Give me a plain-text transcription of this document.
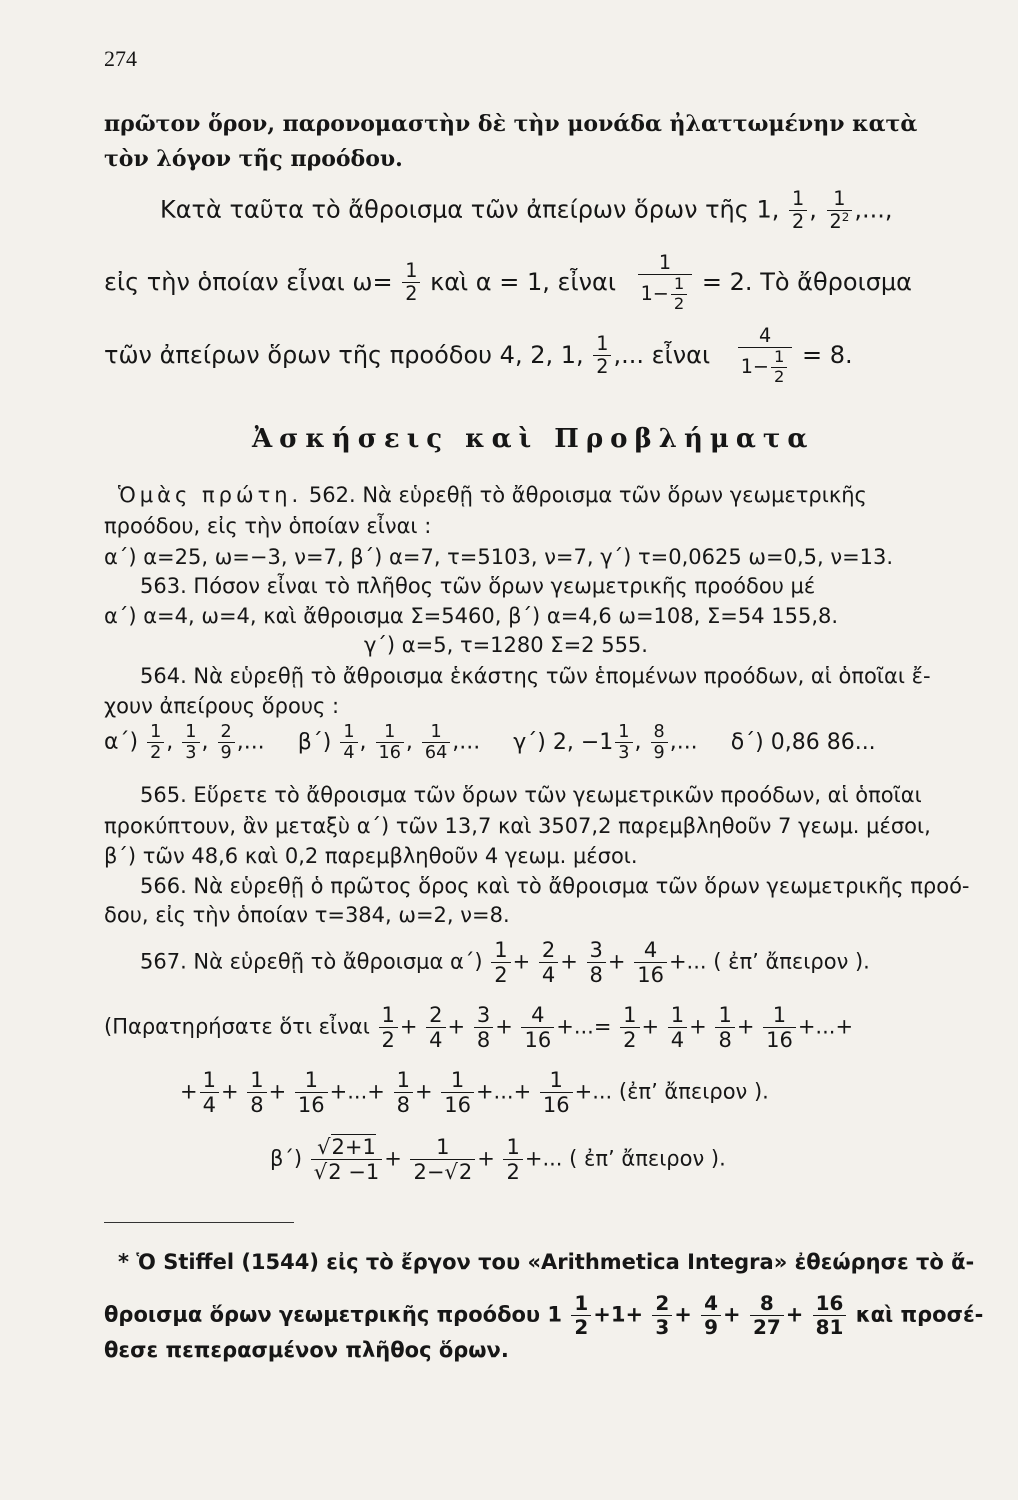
274
πρῶτον ὅρον, παρονομαστὴν δὲ τὴν μονάδα ἠλαττωμένην κατὰ
τὸν λόγον τῆς προόδου.
Κατὰ ταῦτα τὸ ἄθροισμα τῶν ἀπείρων ὅρων τῆς 1, $\frac{1}{2}$ , $\frac{1}{2^2}$ ,...,
εἰς τὴν ὁποίαν εἶναι $\omega= \frac{1}{2}$ καὶ α = 1, εἶναι $\frac{1}{1- \frac{1}{2}} = 2$. Τὸ ἄθροισμα
τῶν ἀπείρων ὅρων τῆς προόδου 4, 2, 1, $\frac{1}{2}$ ,... εἶναι $\frac{4}{1- \frac{1}{2}} = 8$.
Ἀσκήσεις καὶ Προβλήματα
Ὁμὰς πρώτη. 562. Νὰ εὑρεθῇ τὸ ἄθροισμα τῶν ὅρων γεωμετρικῆς
προόδου, εἰς τὴν ὁποίαν εἶναι :
α΄) α=25, ω=−3, ν=7, β΄) α=7, τ=5103, ν=7, γ΄) τ=0,0625 ω=0,5, ν=13.
563. Πόσον εἶναι τὸ πλῆθος τῶν ὅρων γεωμετρικῆς προόδου μέ
α΄) α=4, ω=4, καὶ ἄθροισμα Σ=5460, β΄) α=4,6 ω=108, Σ=54 155,8.
γ΄) α=5, τ=1280 Σ=2 555.
564. Νὰ εὑρεθῇ τὸ ἄθροισμα ἑκάστης τῶν ἑπομένων προόδων, αἱ ὁποῖαι ἔ-
χουν ἀπείρους ὅρους :
$\alpha΄) \frac{1}{2}$ , $\frac{1}{3}$ , $\frac{2}{9}$ ,... $\beta΄) \frac{1}{4}$ , $\frac{1}{16}$ , $\frac{1}{64}$ ,... γ΄) 2, $-1 \frac{1}{3}$ , $\frac{8}{9}$ ,... δ΄) 0,86 86...
565. Εὕρετε τὸ ἄθροισμα τῶν ὅρων τῶν γεωμετρικῶν προόδων, αἱ ὁποῖαι
προκύπτουν, ἂν μεταξὺ α΄) τῶν 13,7 καὶ 3507,2 παρεμβληθοῦν 7 γεωμ. μέσοι,
β΄) τῶν 48,6 καὶ 0,2 παρεμβληθοῦν 4 γεωμ. μέσοι.
566. Νὰ εὑρεθῇ ὁ πρῶτος ὅρος καὶ τὸ ἄθροισμα τῶν ὅρων γεωμετρικῆς προό-
δου, εἰς τὴν ὁποίαν τ=384, ω=2, ν=8.
567. Νὰ εὑρεθῇ τὸ ἄθροισμα $\alpha΄) \frac{1}{2} + \frac{2}{4} + \frac{3}{8} + \frac{4}{16}$ +... ( ἐπ’ ἄπειρον ).
(Παρατηρήσατε ὅτι εἶναι $\frac{1}{2} + \frac{2}{4} + \frac{3}{8} + \frac{4}{16}$ +...= $\frac{1}{2} + \frac{1}{4} + \frac{1}{8} + \frac{1}{16}$ +...+
+ $\frac{1}{4} + \frac{1}{8} + \frac{1}{16}$ +...+ $\frac{1}{8} + \frac{1}{16}$ +...+ $\frac{1}{16}$ +... (ἐπ’ ἄπειρον ).
$\beta΄) \frac{√2+1}{√2 -1} + \frac{1}{2-√2} + \frac{1}{2}$ +... ( ἐπ’ ἄπειρον ).
* Ὁ Stiffel (1544) εἰς τὸ ἔργον του «Arithmetica Integra» ἐθεώρησε τὸ ἄ-
θροισμα ὅρων γεωμετρικῆς προόδου $1 \frac{1}{2} +1+ \frac{2}{3} + \frac{4}{9} + \frac{8}{27} + \frac{16}{81}$ καὶ προσέ-
θεσε πεπερασμένον πλῆθος ὅρων.
